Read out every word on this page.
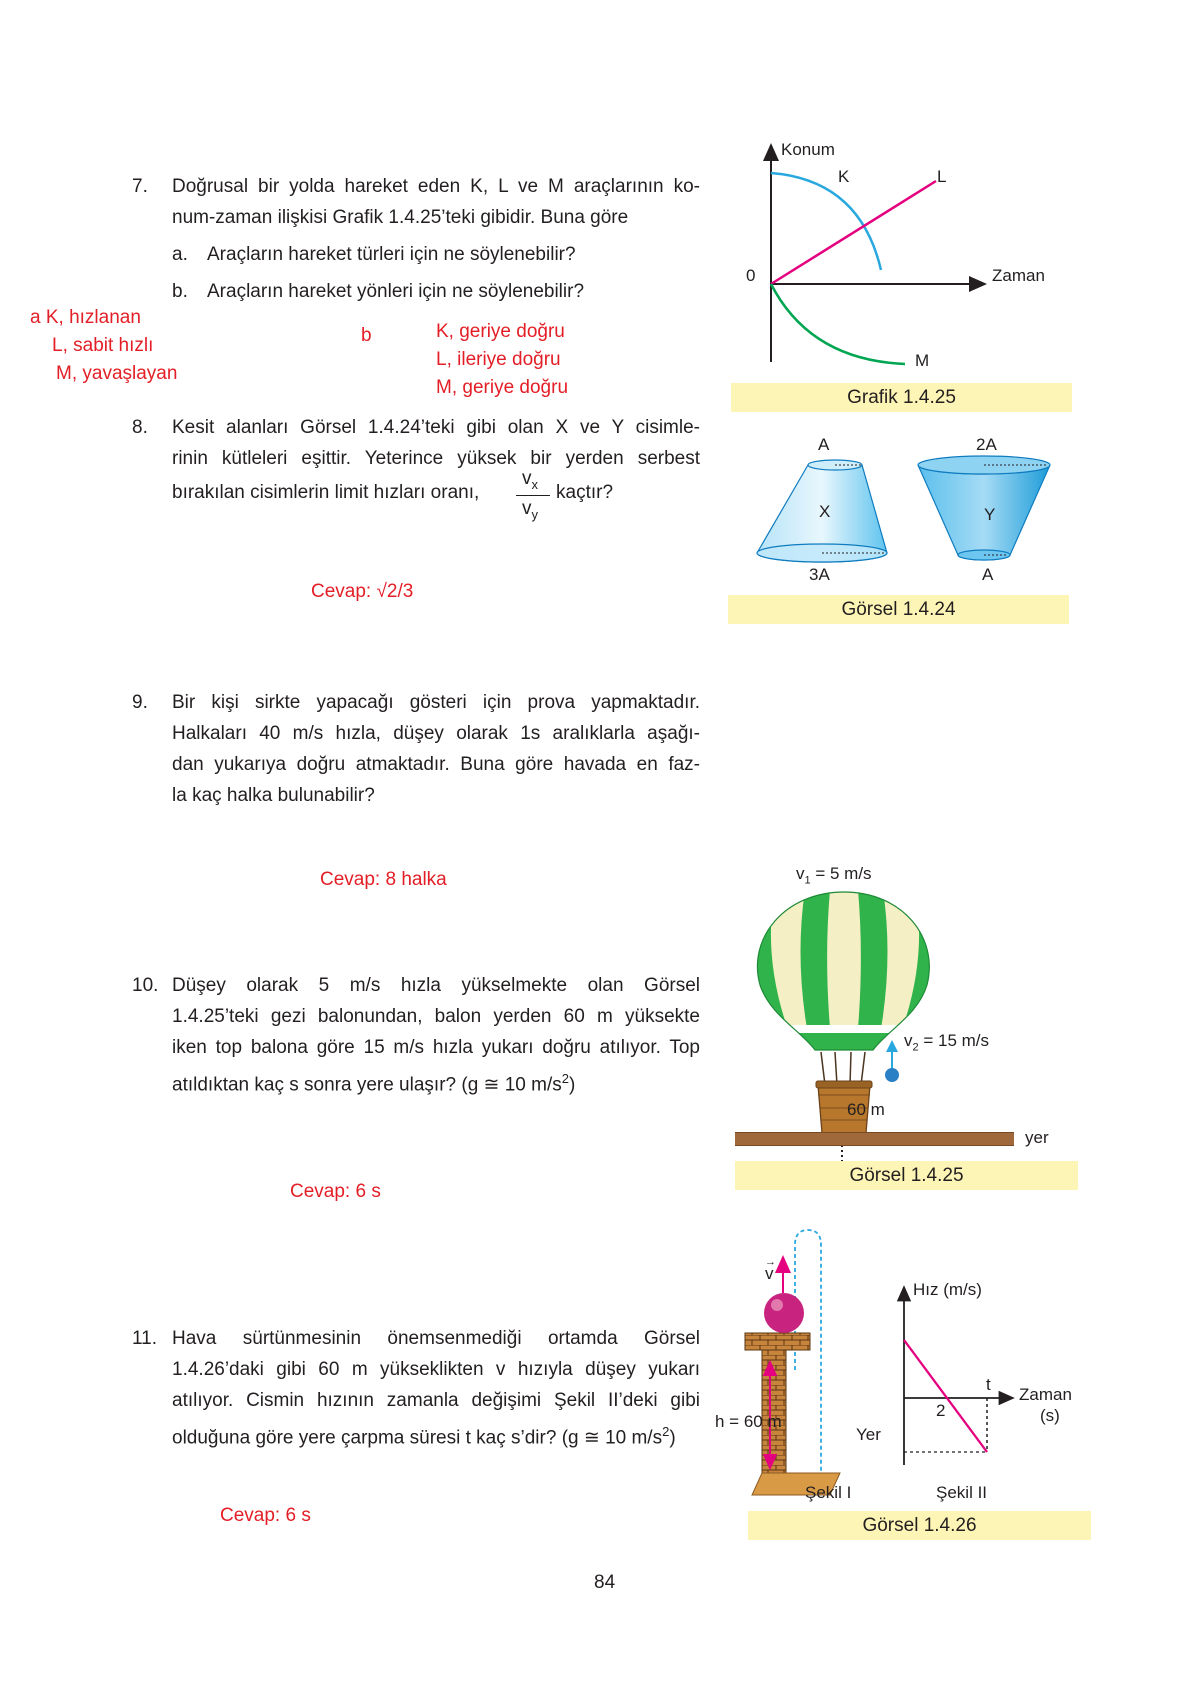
7. Doğrusal bir yolda hareket eden K, L ve M araçlarının ko-
num-zaman ilişkisi Grafik 1.4.25’teki gibidir. Buna göre
a. Araçların hareket türleri için ne söylenebilir?
b. Araçların hareket yönleri için ne söylenebilir?
a K, hızlanan
L, sabit hızlı
M, yavaşlayan
b	K, geriye doğru
L, ileriye doğru
M, geriye doğru
Konum
Zaman
0
K	L
M
Grafik 1.4.25
8. Kesit alanları Görsel 1.4.24’teki gibi olan X ve Y cisimle-
rinin kütleleri eşittir. Yeterince yüksek bir yerden serbest
bırakılan cisimlerin limit hızları oranı,
$v_x$
$v_y$
kaçtır?
Cevap: √2/3
A
X
3A
2A
Y
A
Görsel 1.4.24
9. Bir kişi sirkte yapacağı gösteri için prova yapmaktadır.
Halkaları 40 m/s hızla, düşey olarak 1s aralıklarla aşağı-
dan yukarıya doğru atmaktadır. Buna göre havada en faz-
la kaç halka bulunabilir?
Cevap: 8 halka
10. Düşey olarak 5 m/s hızla yükselmekte olan Görsel
1.4.25’teki gezi balonundan, balon yerden 60 m yüksekte
iken top balona göre 15 m/s hızla yukarı doğru atılıyor. Top
atıldıktan kaç s sonra yere ulaşır? (g ≅ 10 $m/s^2$)
Cevap: 6 s
$v_1 = 5$ m/s
$v_2 = 15$ m/s
60 m
yer
Görsel 1.4.25
11. Hava sürtünmesinin önemsenmediği ortamda Görsel
1.4.26’daki gibi 60 m yükseklikten v hızıyla düşey yukarı
atılıyor. Cismin hızının zamanla değişimi Şekil II’deki gibi
olduğuna göre yere çarpma süresi t kaç s’dir? (g ≅ 10 $m/s^2$)
Cevap: 6 s
v
→
h = 60 m
Yer
Şekil I
Hız (m/s)
Zaman
(s)
t
2
Şekil II
Görsel 1.4.26
84
